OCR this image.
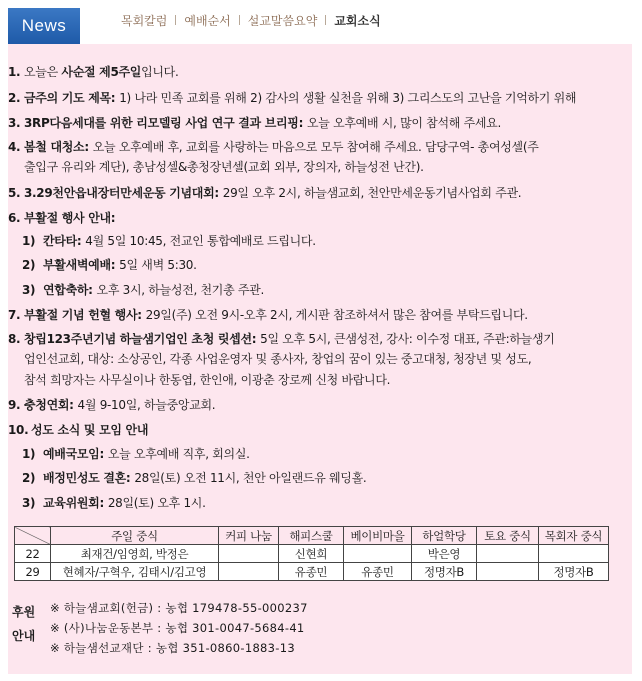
News	목회칼럼	예배순서	설교말씀요약	교회소식
1. 오늘은 사순절 제5주일입니다.
2. 금주의 기도 제목: 1) 나라 민족 교회를 위해 2) 감사의 생활 실천을 위해 3) 그리스도의 고난을 기억하기 위해
3. 3RP다음세대를 위한 리모델링 사업 연구 결과 브리핑: 오늘 오후예배 시, 많이 참석해 주세요.
4. 봄철 대청소: 오늘 오후예배 후, 교회를 사랑하는 마음으로 모두 참여해 주세요. 담당구역- 총여성셀(주
출입구 유리와 계단), 총남성셀&총청장년셀(교회 외부, 장의자, 하늘성전 난간).
5. 3.29천안읍내장터만세운동 기념대회: 29일 오후 2시, 하늘샘교회, 천안만세운동기념사업회 주관.
6. 부활절 행사 안내:
1) 칸타타: 4월 5일 10:45, 전교인 통합예배로 드립니다.
2) 부활새벽예배: 5일 새벽 5:30.
3) 연합축하: 오후 3시, 하늘성전, 천기총 주관.
7. 부활절 기념 헌혈 행사: 29일(주) 오전 9시-오후 2시, 게시판 참조하셔서 많은 참여를 부탁드립니다.
8. 창립123주년기념 하늘샘기업인 초청 릿셉션: 5일 오후 5시, 큰샘성전, 강사: 이수정 대표, 주관:하늘생기
업인선교회, 대상: 소상공인, 각종 사업운영자 및 종사자, 창업의 꿈이 있는 중고대청, 청장년 및 성도,
참석 희망자는 사무실이나 한동엽, 한인애, 이광춘 장로께 신청 바랍니다.
9. 충청연회: 4월 9-10일, 하늘중앙교회.
10. 성도 소식 및 모임 안내
1) 예배국모임: 오늘 오후예배 직후, 회의실.
2) 배정민성도 결혼: 28일(토) 오전 11시, 천안 아일랜드유 웨딩홀.
3) 교육위원회: 28일(토) 오후 1시.
	주일 중식	커피 나눔	해피스쿨	베이비마을	하얼학당	토요 중식	목회자 중식
22	최재건/임영희, 박정은		신현희		박은영		
29	현혜자/구혁우, 김태시/김고영		유종민	유종민	정명자B		정명자B
후원
안내
※ 하늘샘교회(헌금) : 농협 179478-55-000237
※ (사)나눔운동본부 : 농협 301-0047-5684-41
※ 하늘샘선교재단 : 농협 351-0860-1883-13
